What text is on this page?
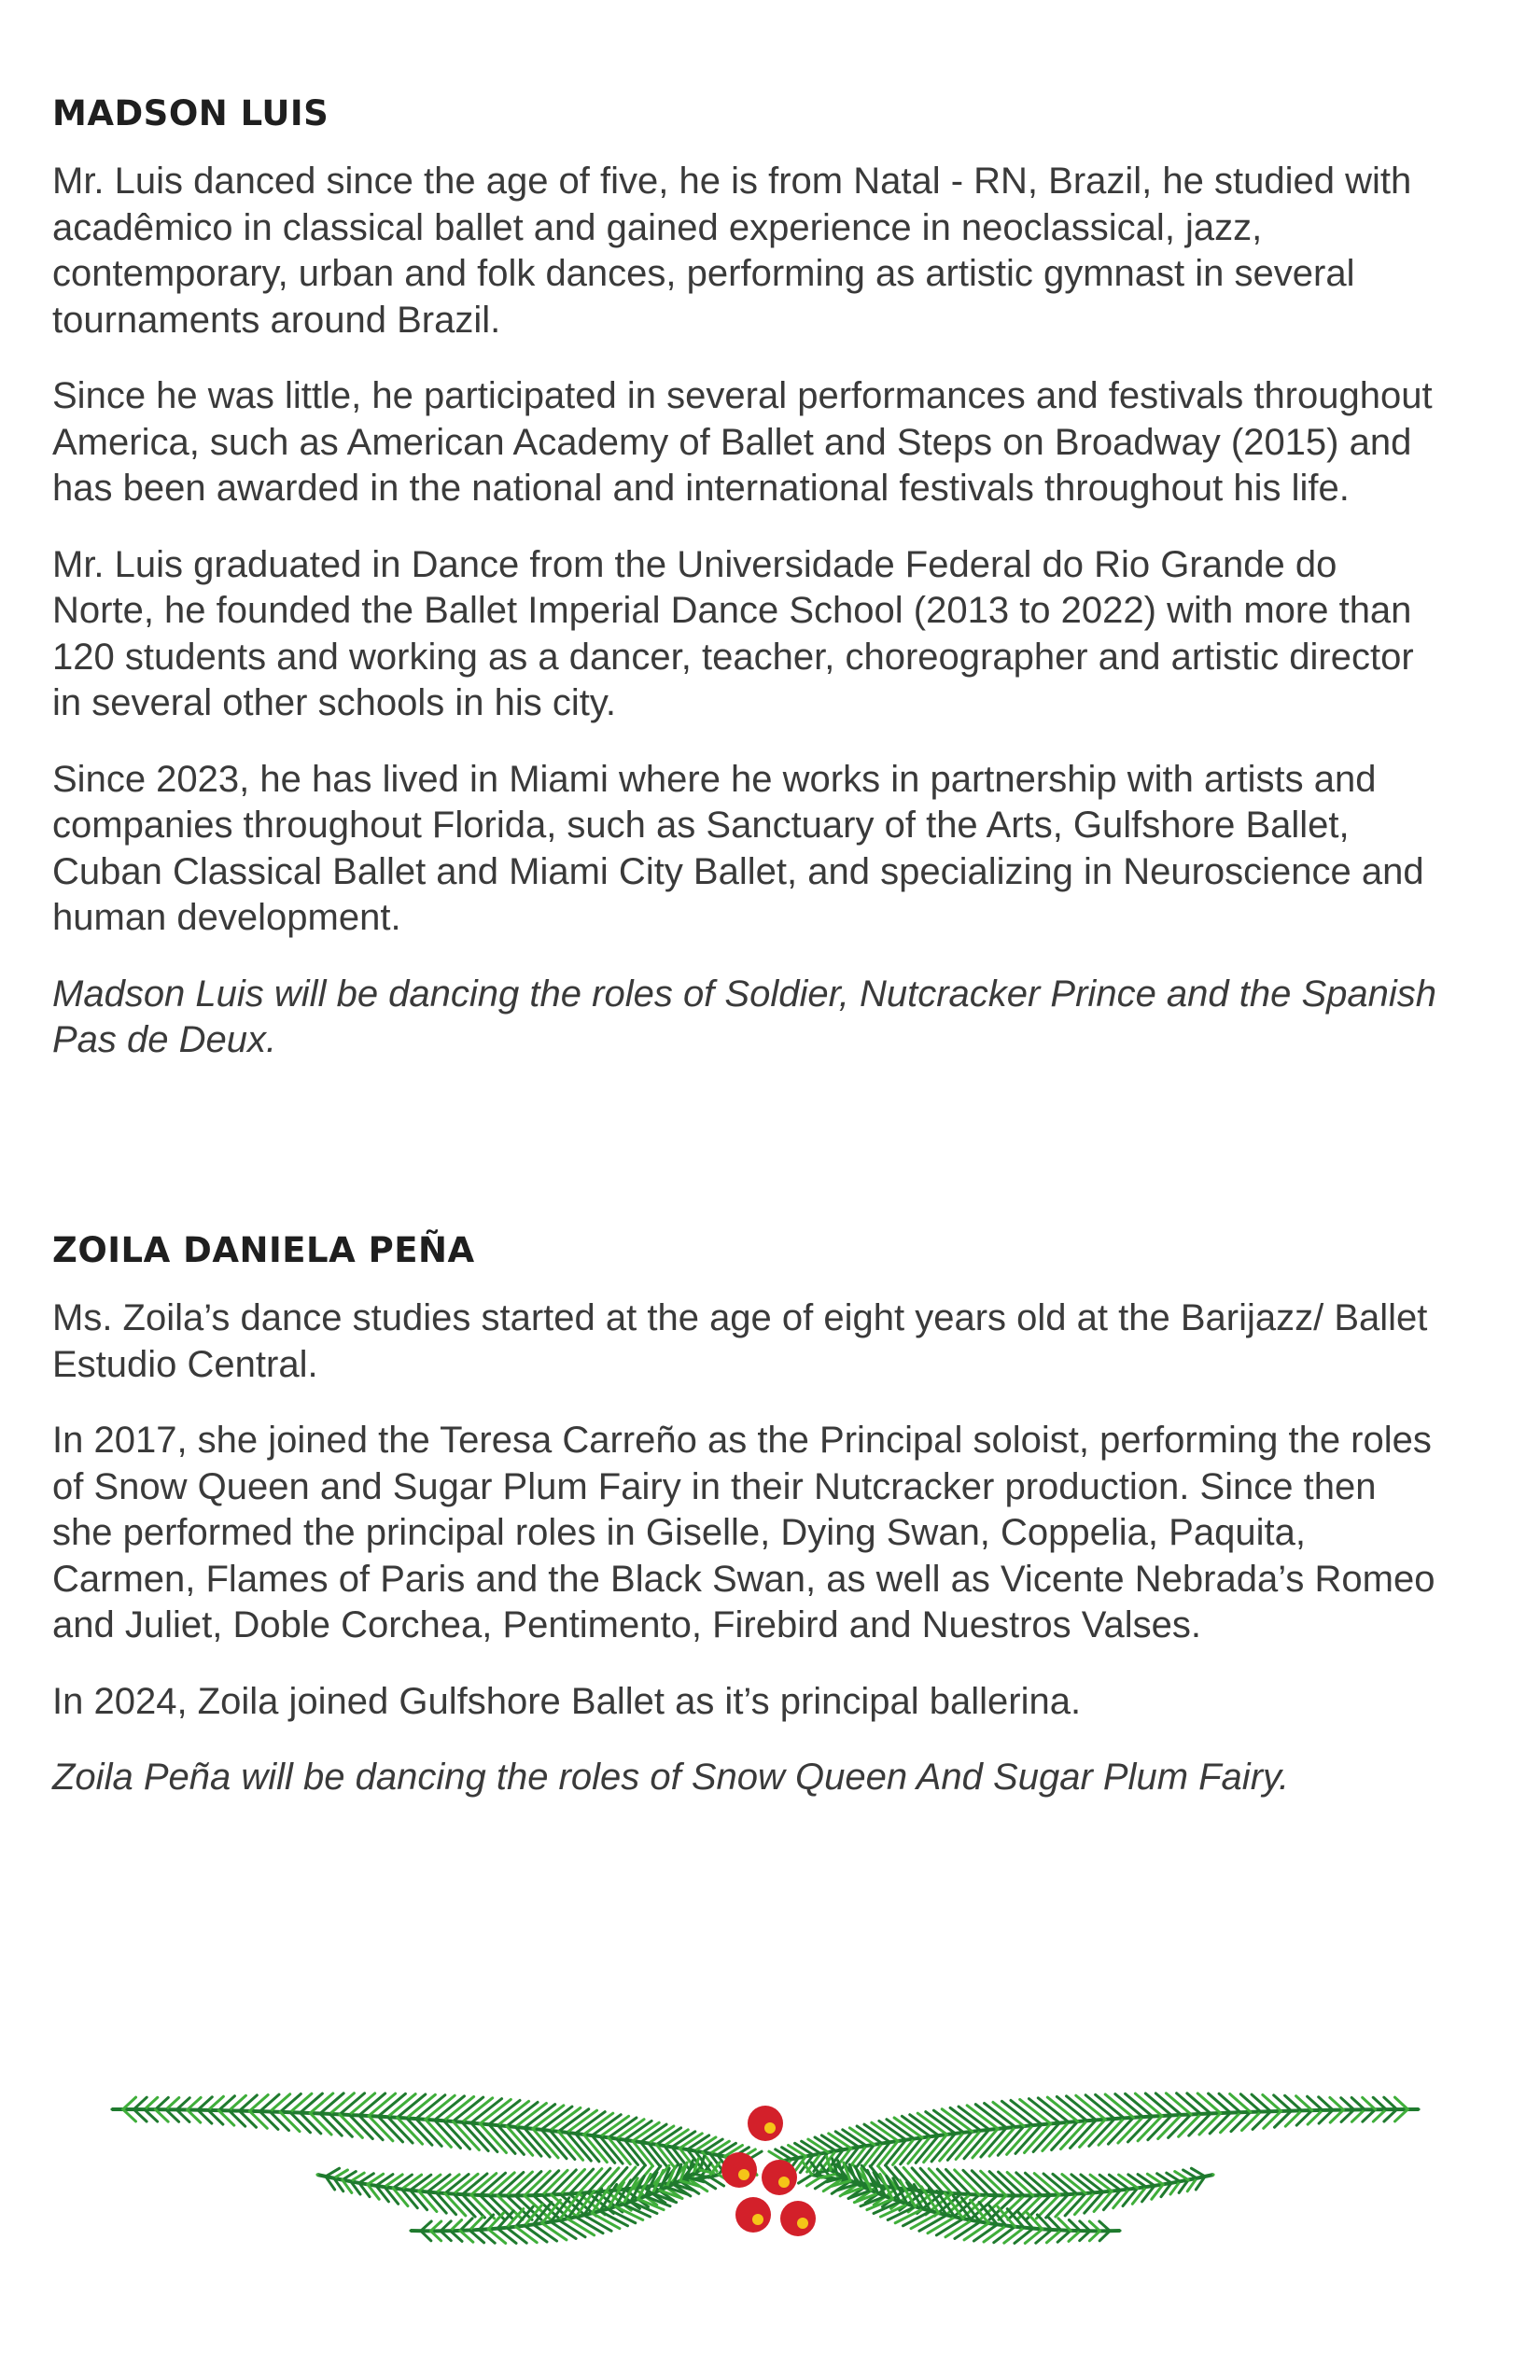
MADSON LUIS

Mr. Luis danced since the age of five, he is from Natal - RN, Brazil, he studied with acadêmico in classical ballet and gained experience in neoclassical, jazz, contemporary, urban and folk dances, performing as artistic gymnast in several tournaments around Brazil.

Since he was little, he participated in several performances and festivals throughout America, such as American Academy of Ballet and Steps on Broadway (2015) and has been awarded in the national and international festivals throughout his life.

Mr. Luis graduated in Dance from the Universidade Federal do Rio Grande do Norte, he founded the Ballet Imperial Dance School (2013 to 2022) with more than 120 students and working as a dancer, teacher, choreographer and artistic director in several other schools in his city.

Since 2023, he has lived in Miami where he works in partnership with artists and companies throughout Florida, such as Sanctuary of the Arts, Gulfshore Ballet, Cuban Classical Ballet and Miami City Ballet, and specializing in Neuroscience and human development.

Madson Luis will be dancing the roles of Soldier, Nutcracker Prince and the Spanish Pas de Deux.

ZOILA DANIELA PEÑA

Ms. Zoila’s dance studies started at the age of eight years old at the Barijazz/ Ballet Estudio Central.

In 2017, she joined the Teresa Carreño as the Principal soloist, performing the roles of Snow Queen and Sugar Plum Fairy in their Nutcracker production. Since then she performed the principal roles in Giselle, Dying Swan, Coppelia, Paquita, Carmen, Flames of Paris and the Black Swan, as well as Vicente Nebrada’s Romeo and Juliet, Doble Corchea, Pentimento, Firebird and Nuestros Valses.

In 2024, Zoila joined Gulfshore Ballet as it’s principal ballerina.

Zoila Peña will be dancing the roles of Snow Queen And Sugar Plum Fairy.
